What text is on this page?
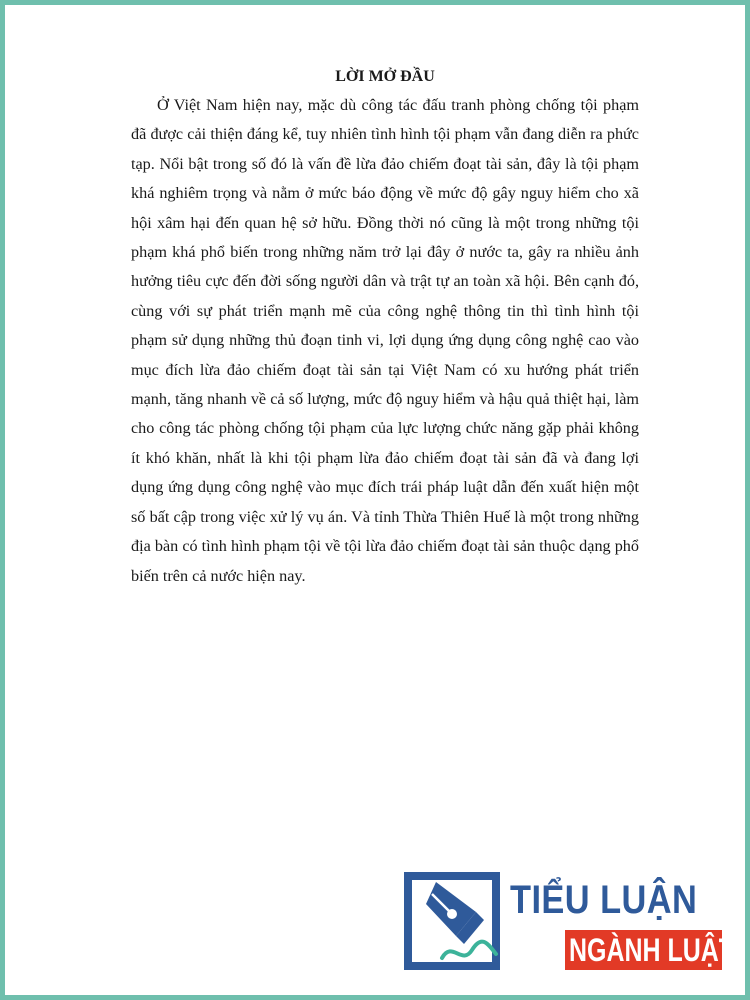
LỜI MỞ ĐẦU

Ở Việt Nam hiện nay, mặc dù công tác đấu tranh phòng chống tội phạm đã được cải thiện đáng kể, tuy nhiên tình hình tội phạm vẫn đang diễn ra phức tạp. Nổi bật trong số đó là vấn đề lừa đảo chiếm đoạt tài sản, đây là tội phạm khá nghiêm trọng và nằm ở mức báo động về mức độ gây nguy hiểm cho xã hội xâm hại đến quan hệ sở hữu. Đồng thời nó cũng là một trong những tội phạm khá phổ biến trong những năm trở lại đây ở nước ta, gây ra nhiều ảnh hưởng tiêu cực đến đời sống người dân và trật tự an toàn xã hội. Bên cạnh đó, cùng với sự phát triển mạnh mẽ của công nghệ thông tin thì tình hình tội phạm sử dụng những thủ đoạn tinh vi, lợi dụng ứng dụng công nghệ cao vào mục đích lừa đảo chiếm đoạt tài sản tại Việt Nam có xu hướng phát triển mạnh, tăng nhanh về cả số lượng, mức độ nguy hiểm và hậu quả thiệt hại, làm cho công tác phòng chống tội phạm của lực lượng chức năng gặp phải không ít khó khăn, nhất là khi tội phạm lừa đảo chiếm đoạt tài sản đã và đang lợi dụng ứng dụng công nghệ vào mục đích trái pháp luật dẫn đến xuất hiện một số bất cập trong việc xử lý vụ án. Và tỉnh Thừa Thiên Huế là một trong những địa bàn có tình hình phạm tội về tội lừa đảo chiếm đoạt tài sản thuộc dạng phổ biến trên cả nước hiện nay.

TIỂU LUẬN
NGÀNH LUẬT
